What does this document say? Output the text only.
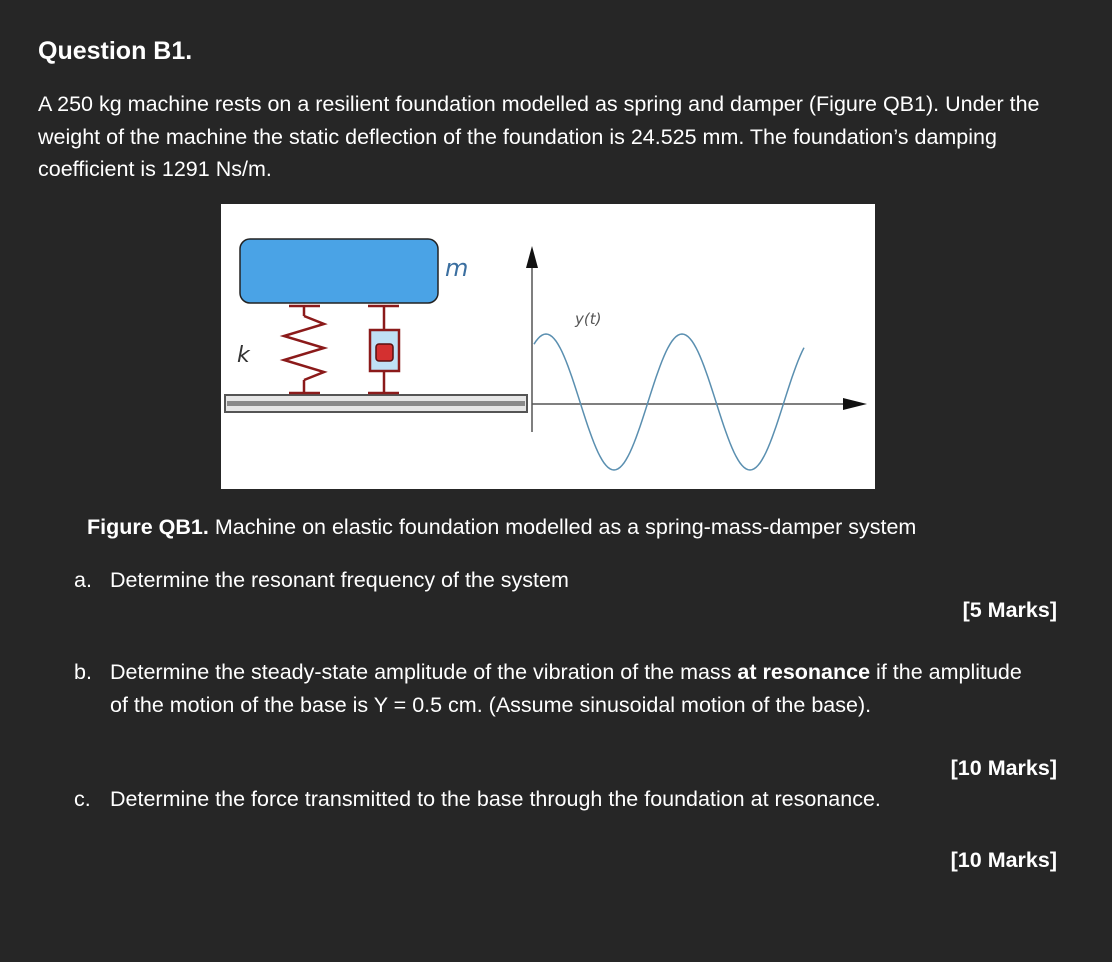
Question B1.

A 250 kg machine rests on a resilient foundation modelled as spring and damper (Figure QB1). Under the weight of the machine the static deflection of the foundation is 24.525 mm. The foundation’s damping coefficient is 1291 Ns/m.

m
k
y(t)

Figure QB1. Machine on elastic foundation modelled as a spring-mass-damper system

a. Determine the resonant frequency of the system
[5 Marks]
b. Determine the steady-state amplitude of the vibration of the mass at resonance if the amplitude of the motion of the base is Y = 0.5 cm. (Assume sinusoidal motion of the base).
[10 Marks]
c. Determine the force transmitted to the base through the foundation at resonance.
[10 Marks]
